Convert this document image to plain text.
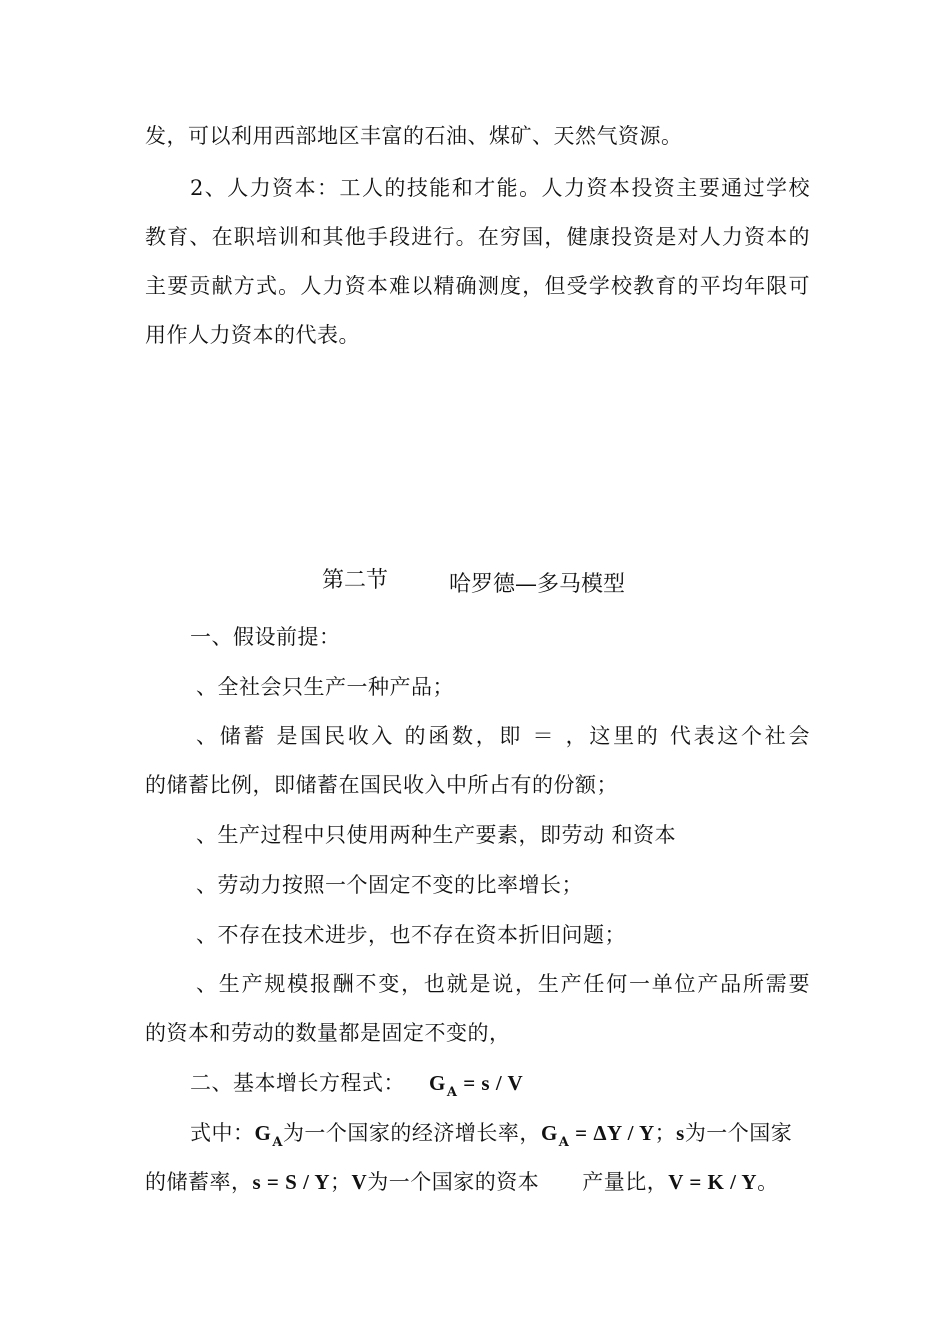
发，可以利用西部地区丰富的石油、煤矿、天然气资源。
2、人力资本：工人的技能和才能。人力资本投资主要通过学校
教育、在职培训和其他手段进行。在穷国，健康投资是对人力资本的
主要贡献方式。人力资本难以精确测度，但受学校教育的平均年限可
用作人力资本的代表。
第二节	哈罗德—多马模型
一、假设前提：
、全社会只生产一种产品；
、储蓄 是国民收入 的函数，即 ＝ ，这里的 代表这个社会
的储蓄比例，即储蓄在国民收入中所占有的份额；
、生产过程中只使用两种生产要素，即劳动 和资本
、劳动力按照一个固定不变的比率增长；
、不存在技术进步，也不存在资本折旧问题；
、生产规模报酬不变，也就是说，生产任何一单位产品所需要
的资本和劳动的数量都是固定不变的，
二、基本增长方程式： $G_A = s / V$
式中：$G_A$为一个国家的经济增长率，$G_A = \Delta Y / Y$；s为一个国家
的储蓄率，s = S / Y；V为一个国家的资本      产量比，V = K / Y。
